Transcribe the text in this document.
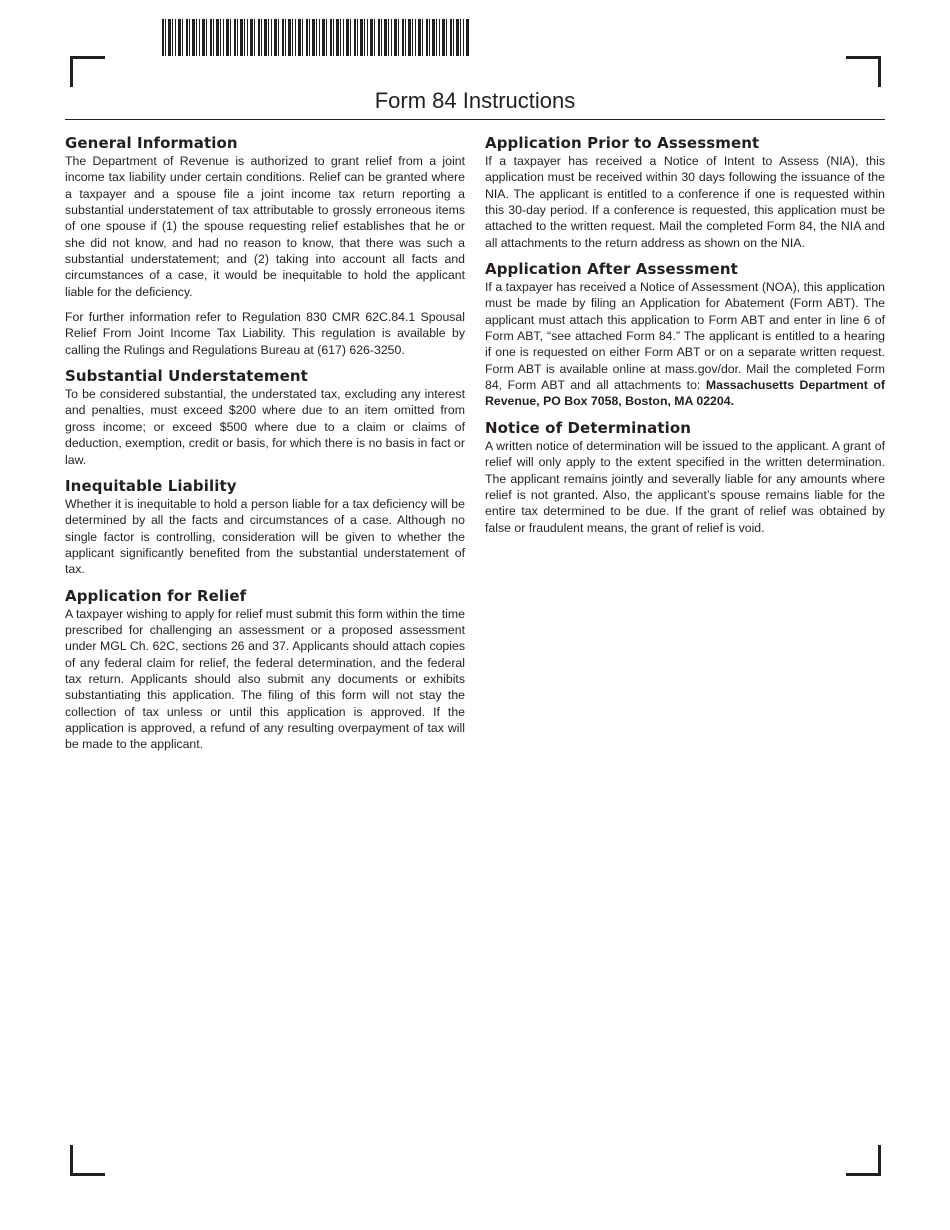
Form 84 Instructions
General Information

The Department of Revenue is authorized to grant relief from a joint income tax liability under certain conditions. Relief can be granted where a taxpayer and a spouse file a joint income tax return reporting a substantial understatement of tax attributable to grossly erroneous items of one spouse if (1) the spouse requesting relief establishes that he or she did not know, and had no reason to know, that there was such a substantial understatement; and (2) taking into account all facts and circumstances of a case, it would be inequitable to hold the applicant liable for the deficiency.

For further information refer to Regulation 830 CMR 62C.84.1 Spousal Relief From Joint Income Tax Liability. This regulation is available by calling the Rulings and Regulations Bureau at (617) 626-3250.

Substantial Understatement

To be considered substantial, the understated tax, excluding any interest and penalties, must exceed $200 where due to an item omitted from gross income; or exceed $500 where due to a claim or claims of deduction, exemption, credit or basis, for which there is no basis in fact or law.

Inequitable Liability

Whether it is inequitable to hold a person liable for a tax deficiency will be determined by all the facts and circumstances of a case. Although no single factor is controlling, consideration will be given to whether the applicant significantly benefited from the substantial understatement of tax.

Application for Relief

A taxpayer wishing to apply for relief must submit this form within the time prescribed for challenging an assessment or a proposed assessment under MGL Ch. 62C, sections 26 and 37. Applicants should attach copies of any federal claim for relief, the federal determination, and the federal tax return. Applicants should also submit any documents or exhibits substantiating this application. The filing of this form will not stay the collection of tax unless or until this application is approved. If the application is approved, a refund of any resulting overpayment of tax will be made to the applicant.

Application Prior to Assessment

If a taxpayer has received a Notice of Intent to Assess (NIA), this application must be received within 30 days following the issuance of the NIA. The applicant is entitled to a conference if one is requested within this 30-day period. If a conference is requested, this application must be attached to the written request. Mail the completed Form 84, the NIA and all attachments to the return address as shown on the NIA.

Application After Assessment

If a taxpayer has received a Notice of Assessment (NOA), this application must be made by filing an Application for Abatement (Form ABT). The applicant must attach this application to Form ABT and enter in line 6 of Form ABT, “see attached Form 84.” The applicant is entitled to a hearing if one is requested on either Form ABT or on a separate written request. Form ABT is available online at mass.gov/dor. Mail the completed Form 84, Form ABT and all attachments to: Massachusetts Department of Revenue, PO Box 7058, Boston, MA 02204.

Notice of Determination

A written notice of determination will be issued to the applicant. A grant of relief will only apply to the extent specified in the written determination. The applicant remains jointly and severally liable for any amounts where relief is not granted. Also, the applicant’s spouse remains liable for the entire tax determined to be due. If the grant of relief was obtained by false or fraudulent means, the grant of relief is void.
